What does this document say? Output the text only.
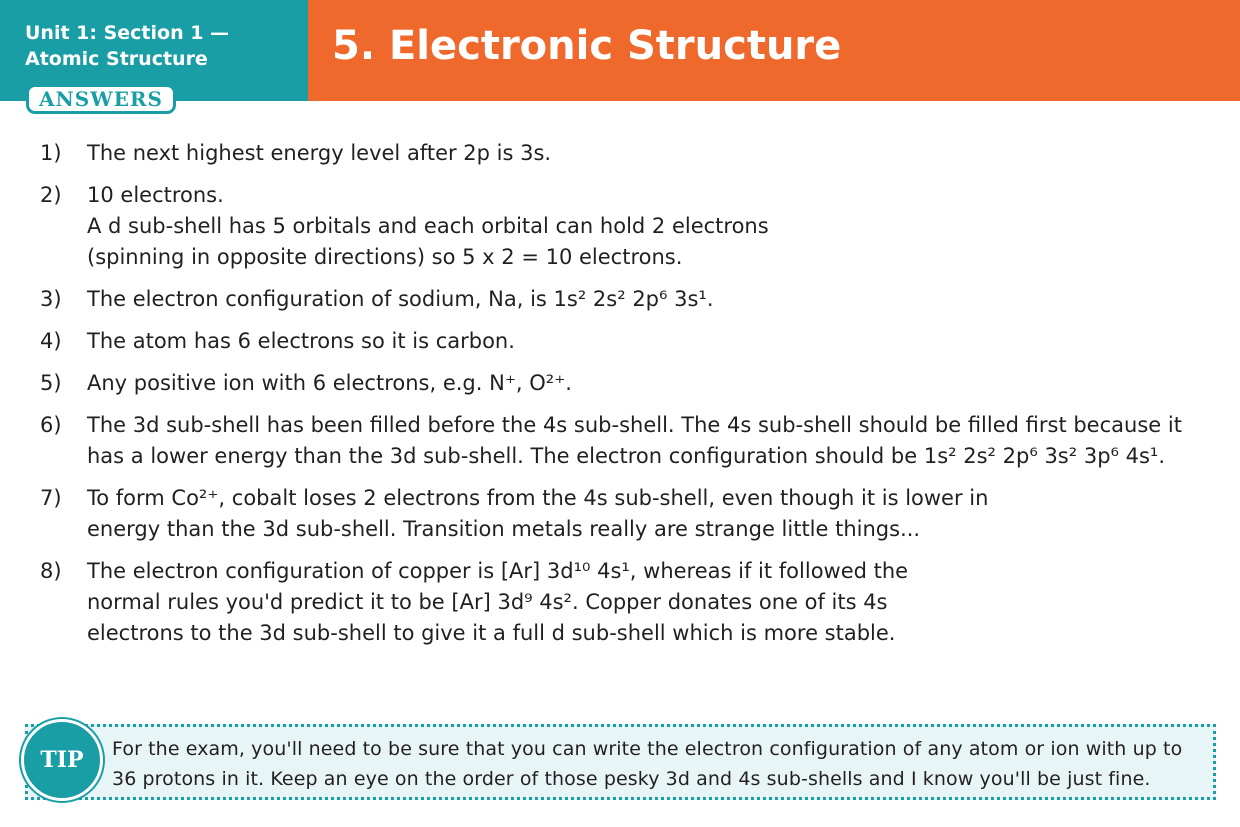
Unit 1: Section 1 —
Atomic Structure
ANSWERS
5. Electronic Structure
1)	The next highest energy level after 2p is 3s.
2)	10 electrons.
A d sub-shell has 5 orbitals and each orbital can hold 2 electrons
(spinning in opposite directions) so 5 x 2 = 10 electrons.
3)	The electron configuration of sodium, Na, is 1s² 2s² 2p⁶ 3s¹.
4)	The atom has 6 electrons so it is carbon.
5)	Any positive ion with 6 electrons, e.g. N⁺, O²⁺.
6)	The 3d sub-shell has been filled before the 4s sub-shell. The 4s sub-shell should be filled first because it
has a lower energy than the 3d sub-shell. The electron configuration should be 1s² 2s² 2p⁶ 3s² 3p⁶ 4s¹.
7)	To form Co²⁺, cobalt loses 2 electrons from the 4s sub-shell, even though it is lower in
energy than the 3d sub-shell. Transition metals really are strange little things...
8)	The electron configuration of copper is [Ar] 3d¹⁰ 4s¹, whereas if it followed the
normal rules you'd predict it to be [Ar] 3d⁹ 4s². Copper donates one of its 4s
electrons to the 3d sub-shell to give it a full d sub-shell which is more stable.
TIP	For the exam, you'll need to be sure that you can write the electron configuration of any atom or ion with up to
36 protons in it. Keep an eye on the order of those pesky 3d and 4s sub-shells and I know you'll be just fine.
